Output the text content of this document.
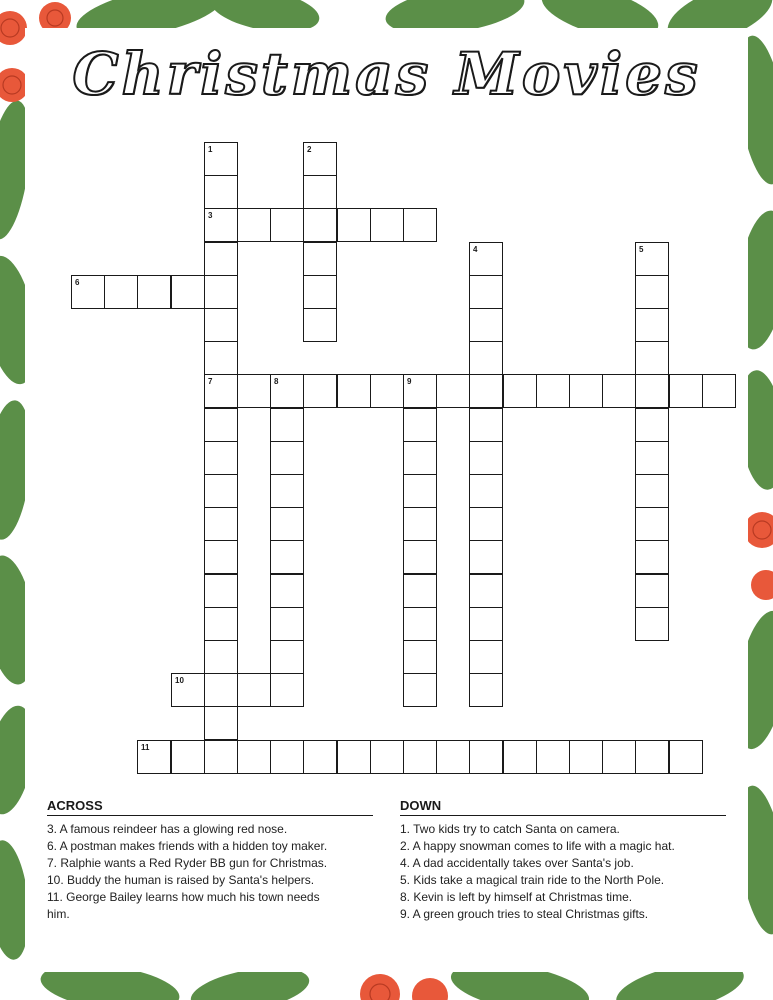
Christmas Movies
1
3
7
2
4	5
6
8	9
10
11
ACROSS
3. A famous reindeer has a glowing red nose.
6. A postman makes friends with a hidden toy maker.
7. Ralphie wants a Red Ryder BB gun for Christmas.
10. Buddy the human is raised by Santa's helpers.
11. George Bailey learns how much his town needs him.
DOWN
1. Two kids try to catch Santa on camera.
2. A happy snowman comes to life with a magic hat.
4. A dad accidentally takes over Santa's job.
5. Kids take a magical train ride to the North Pole.
8. Kevin is left by himself at Christmas time.
9. A green grouch tries to steal Christmas gifts.
